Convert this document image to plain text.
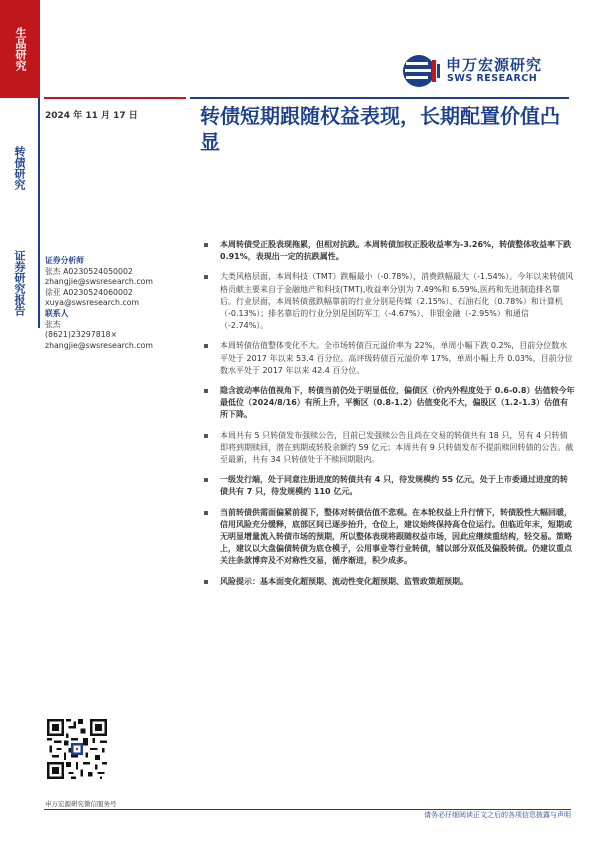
生品研究
转债研究
证券研究报告
申万宏源研究
SWS RESEARCH
2024 年 11 月 17 日	转债短期跟随权益表现，长期配置价值凸显
证券分析师
张杰 A0230524050002
zhangjie@swsresearch.com
徐亚 A0230524060002
xuya@swsresearch.com
联系人
张杰
(8621)23297818×
zhangjie@swsresearch.com
本周转债受正股表现拖累，但相对抗跌。本周转债加权正股收益率为-3.26%，转债整体收益率下跌 0.91%，表现出一定的抗跌属性。
大类风格层面，本周科技（TMT）跌幅最小（-0.78%），消费跌幅最大（-1.54%）。今年以来转债风格贡献主要来自于金融地产和科技(TMT),收益率分别为 7.49%和 6.59%,医药和先进制造排名靠后。行业层面，本周转债涨跌幅靠前的行业分别是传媒（2.15%）、石油石化（0.78%）和计算机（-0.13%）；排名靠后的行业分别是国防军工（-4.67%）、非银金融（-2.95%）和通信（-2.74%）。
本周转债估值整体变化不大。全市场转债百元溢价率为 22%，单周小幅下跌 0.2%，目前分位数水平处于 2017 年以来 53.4 百分位。高评级转债百元溢价率 17%，单周小幅上升 0.03%，目前分位数水平处于 2017 年以来 42.4 百分位。
隐含波动率估值视角下，转债当前仍处于明显低位，偏债区（价内外程度处于 0.6-0.8）估值较今年最低位（2024/8/16）有所上升，平衡区（0.8-1.2）估值变化不大，偏股区（1.2-1.3）估值有所下降。
本周共有 5 只转债发布强赎公告，目前已发强赎公告且尚在交易的转债共有 18 只，另有 4 只转债即将到期赎回，潜在到期或转股余额约 59 亿元；本周共有 9 只转债发布不提前赎回转债的公告。截至最新，共有 34 只转债处于不赎回期限内。
一级发行端，处于同意注册进度的转债共有 4 只，待发规模约 55 亿元，处于上市委通过进度的转债共有 7 只，待发规模约 110 亿元。
当前转债供需面偏紧前提下，整体对转债估值不悲观。在本轮权益上升行情下，转债股性大幅回暖，信用风险充分缓释，底部区间已逐步抬升，仓位上，建议始终保持高仓位运行。但临近年末，短期或无明显增量流入转债市场的预期，所以整体表现将跟随权益市场，因此应继续重结构，轻交易。策略上，建议以大盘偏债转债为底仓模子，公用事业等行业转债，辅以部分双低及偏股转债。仍建议重点关注条款博弈及不对称性交易，循序渐进，积少成多。
风险提示：基本面变化超预期、流动性变化超预期、监管政策超预期。
申万宏源研究微信服务号
请务必仔细阅读正文之后的各项信息披露与声明
